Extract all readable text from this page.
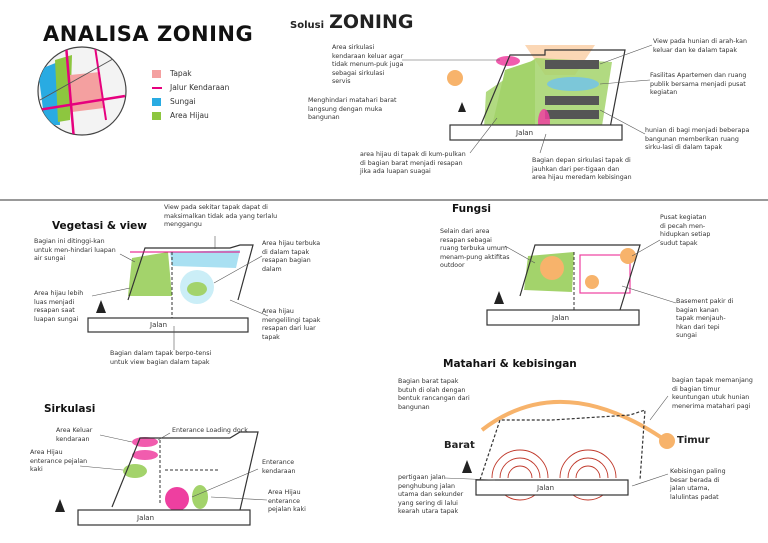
ANALISA ZONING	Solusi ZONING
Tapak
Jalur Kendaraan
Sungai
Area Hijau
Jalan
Jalan
Jalan
Jalan
Jalan
Area sirkulasi kendaraan keluar agar tidak menum-puk juga sebagai sirkulasi servis
Menghindari matahari barat langsung dengan muka bangunan
area hijau di tapak di kum-pulkan di bagian barat menjadi resapan jika ada luapan suagai
Bagian depan sirkulasi tapak di jauhkan dari per-tigaan dan area hijau meredam kebisingan
View pada hunian di arah-kan keluar dan ke dalam tapak
Fasilitas Apartemen dan ruang publik bersama menjadi pusat kegiatan
hunian di bagi menjadi beberapa bangunan memberikan ruang sirku-lasi di dalam tapak
Vegetasi & view
View pada sekitar tapak dapat di maksimalkan tidak ada yang terlalu menggangu
Bagian ini ditinggi-kan untuk men-hindari luapan air sungai
Area hijau lebih luas menjadi resapan saat luapan sungai
Area hijau terbuka di dalam tapak resapan bagian dalam
Area hijau mengelilingi tapak resapan dari luar tapak
Bagian dalam tapak berpo-tensi untuk view bagian dalam tapak
Fungsi
Selain dari area resapan sebagai ruang terbuka umum menam-pung aktifitas outdoor
Pusat kegiatan di pecah men-hidupkan setiap sudut tapak
Basement pakir di bagian kanan tapak menjauh-hkan dari tepi sungai
Sirkulasi
Area Keluar kendaraan
Enterance Loading dock
Area Hijau enterance pejalan kaki
Enterance kendaraan
Area Hijau enterance pejalan kaki
Matahari & kebisingan
Barat	Timur
Bagian barat tapak butuh di olah dengan bentuk rancangan dari bangunan
bagian tapak memanjang di bagian timur keuntungan utuk hunian menerima matahari pagi
pertigaan jalan penghubung jalan utama dan sekunder yang sering di lalui kearah utara tapak
Kebisingan paling besar berada di jalan utama, lalulintas padat
